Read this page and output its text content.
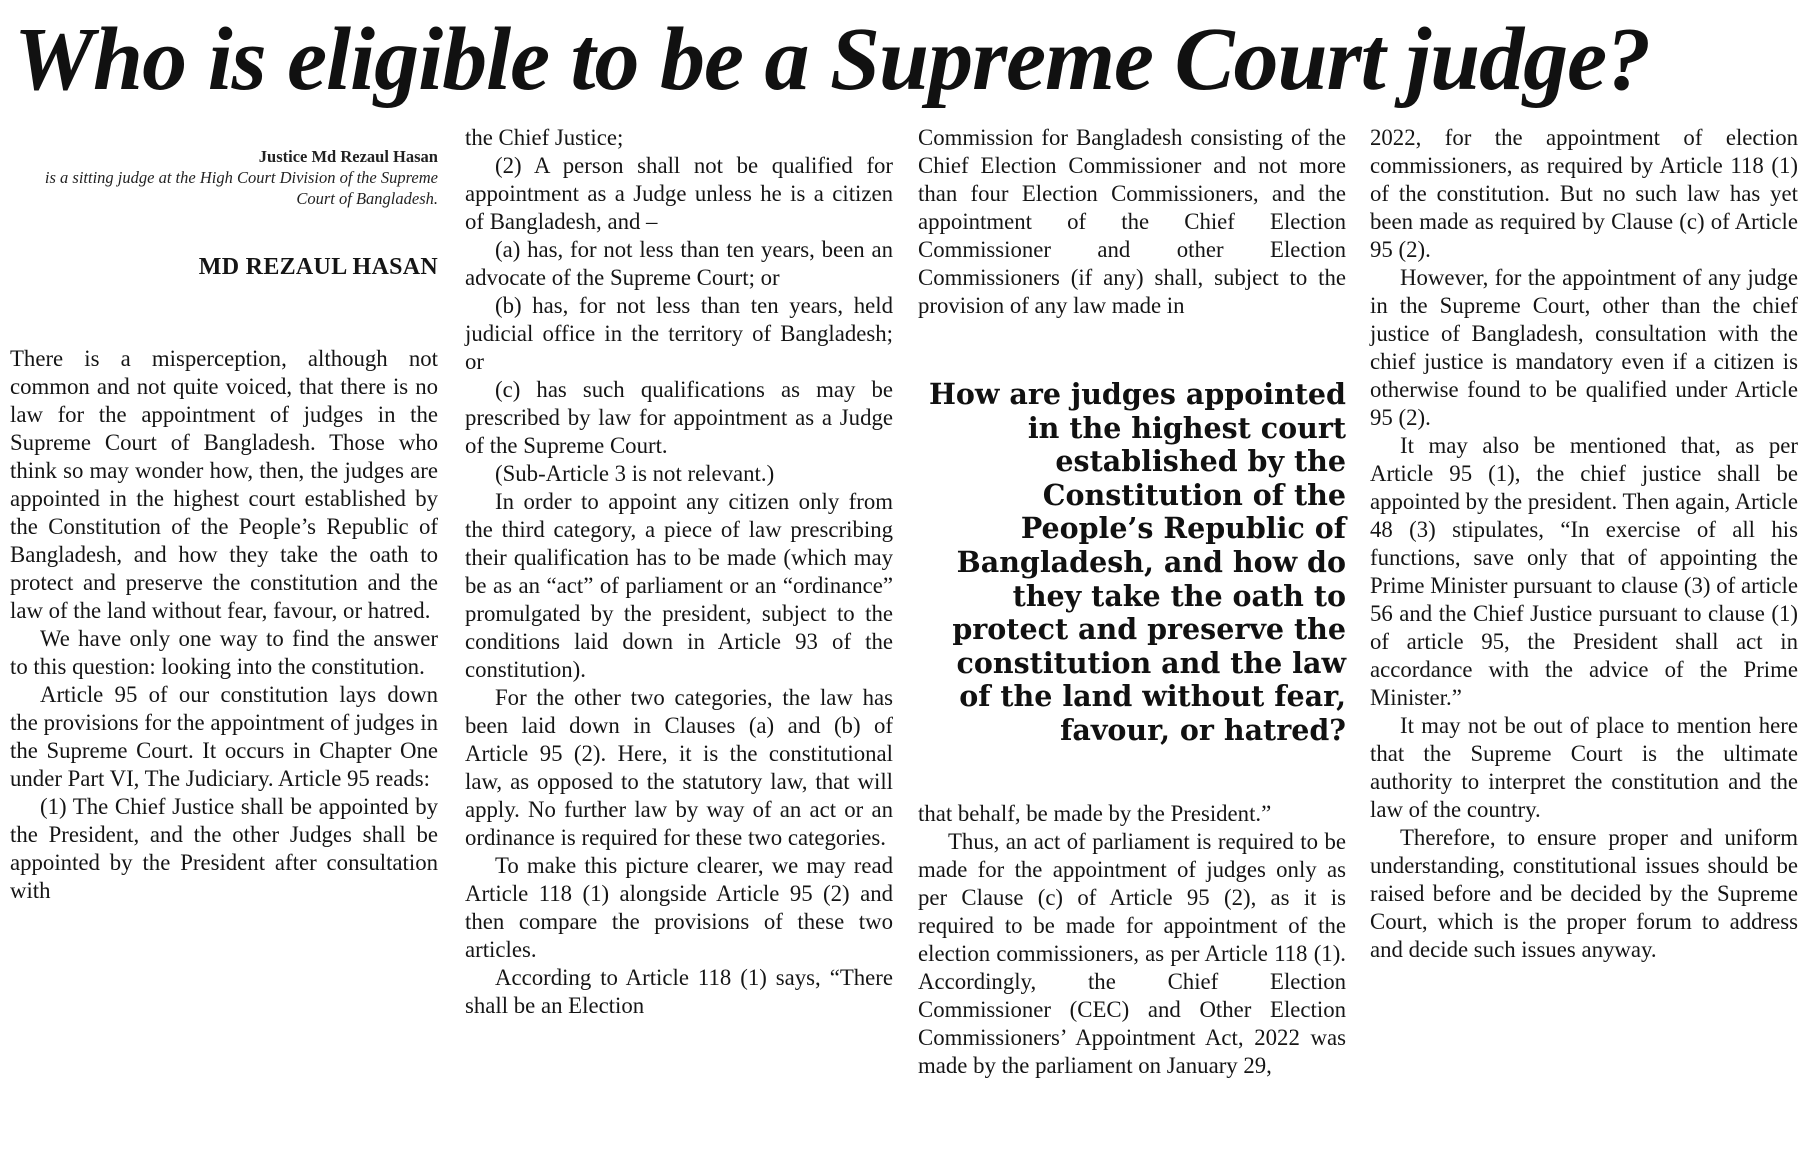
Who is eligible to be a Supreme Court judge?
Justice Md Rezaul Hasan
is a sitting judge at the High Court Division of the Supreme Court of Bangladesh.
MD REZAUL HASAN

There is a misperception, although not common and not quite voiced, that there is no law for the appointment of judges in the Supreme Court of Bangladesh. Those who think so may wonder how, then, the judges are appointed in the highest court established by the Constitution of the People’s Republic of Bangladesh, and how they take the oath to protect and preserve the constitution and the law of the land without fear, favour, or hatred.

We have only one way to find the answer to this question: looking into the constitution.

Article 95 of our constitution lays down the provisions for the appointment of judges in the Supreme Court. It occurs in Chapter One under Part VI, The Judiciary. Article 95 reads:

(1) The Chief Justice shall be appointed by the President, and the other Judges shall be appointed by the President after consultation with

the Chief Justice;

(2) A person shall not be qualified for appointment as a Judge unless he is a citizen of Bangladesh, and –

(a) has, for not less than ten years, been an advocate of the Supreme Court; or

(b) has, for not less than ten years, held judicial office in the territory of Bangladesh; or

(c) has such qualifications as may be prescribed by law for appointment as a Judge of the Supreme Court.

(Sub-Article 3 is not relevant.)

In order to appoint any citizen only from the third category, a piece of law prescribing their qualification has to be made (which may be as an “act” of parliament or an “ordinance” promulgated by the president, subject to the conditions laid down in Article 93 of the constitution).

For the other two categories, the law has been laid down in Clauses (a) and (b) of Article 95 (2). Here, it is the constitutional law, as opposed to the statutory law, that will apply. No further law by way of an act or an ordinance is required for these two categories.

To make this picture clearer, we may read Article 118 (1) alongside Article 95 (2) and then compare the provisions of these two articles.

According to Article 118 (1) says, “There shall be an Election

Commission for Bangladesh consisting of the Chief Election Commissioner and not more than four Election Commissioners, and the appointment of the Chief Election Commissioner and other Election Commissioners (if any) shall, subject to the provision of any law made in

How are judges appointed in the highest court established by the Constitution of the People’s Republic of Bangladesh, and how do they take the oath to protect and preserve the constitution and the law of the land without fear, favour, or hatred?

that behalf, be made by the President.”

Thus, an act of parliament is required to be made for the appointment of judges only as per Clause (c) of Article 95 (2), as it is required to be made for appointment of the election commissioners, as per Article 118 (1). Accordingly, the Chief Election Commissioner (CEC) and Other Election Commissioners’ Appointment Act, 2022 was made by the parliament on January 29,

2022, for the appointment of election commissioners, as required by Article 118 (1) of the constitution. But no such law has yet been made as required by Clause (c) of Article 95 (2).

However, for the appointment of any judge in the Supreme Court, other than the chief justice of Bangladesh, consultation with the chief justice is mandatory even if a citizen is otherwise found to be qualified under Article 95 (2).

It may also be mentioned that, as per Article 95 (1), the chief justice shall be appointed by the president. Then again, Article 48 (3) stipulates, “In exercise of all his functions, save only that of appointing the Prime Minister pursuant to clause (3) of article 56 and the Chief Justice pursuant to clause (1) of article 95, the President shall act in accordance with the advice of the Prime Minister.”

It may not be out of place to mention here that the Supreme Court is the ultimate authority to interpret the constitution and the law of the country.

Therefore, to ensure proper and uniform understanding, constitutional issues should be raised before and be decided by the Supreme Court, which is the proper forum to address and decide such issues anyway.
